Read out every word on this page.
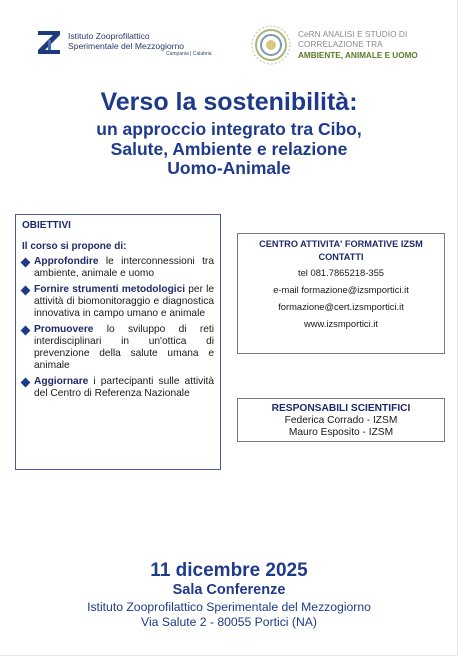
Istituto Zooprofilattico
Sperimentale del Mezzogiorno
Campania | Calabria
CeRN ANALISI E STUDIO DI
CORRELAZIONE TRA
AMBIENTE, ANIMALE E UOMO
Verso la sostenibilità:
un approccio integrato tra Cibo,
Salute, Ambiente e relazione
Uomo-Animale
OBIETTIVI
Il corso si propone di:
Approfondire le interconnessioni tra ambiente, animale e uomo
Fornire strumenti metodologici per le attività di biomonitoraggio e diagnostica innovativa in campo umano e animale
Promuovere lo sviluppo di reti interdisciplinari in un'ottica di prevenzione della salute umana e animale
Aggiornare i partecipanti sulle attività del Centro di Referenza Nazionale
CENTRO ATTIVITA' FORMATIVE IZSM
CONTATTI
tel 081.7865218-355
e-mail formazione@izsmportici.it
formazione@cert.izsmportici.it
www.izsmportici.it
RESPONSABILI SCIENTIFICI
Federica Corrado - IZSM
Mauro Esposito - IZSM
11 dicembre 2025
Sala Conferenze
Istituto Zooprofilattico Sperimentale del Mezzogiorno
Via Salute 2 - 80055 Portici (NA)
